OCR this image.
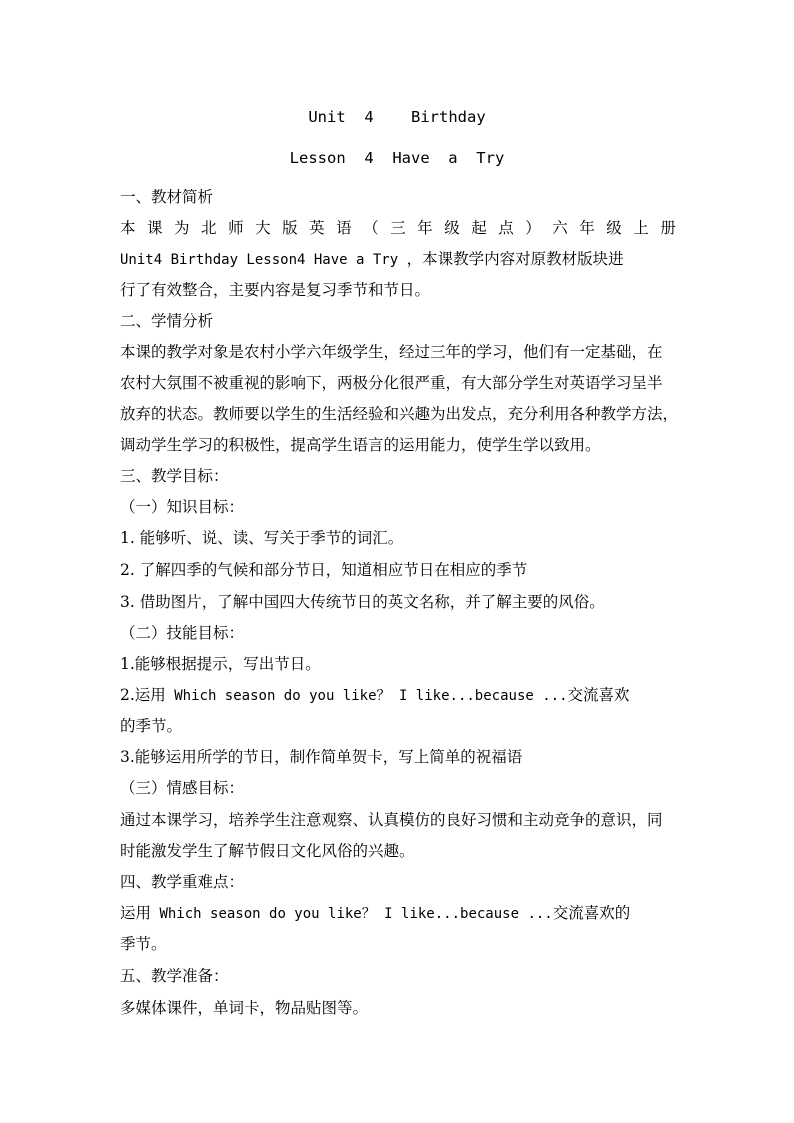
Unit  4    Birthday
Lesson  4  Have  a  Try
一、教材简析
本 课 为 北 师 大 版 英 语 （ 三 年 级 起 点 ） 六 年 级 上 册
Unit4 Birthday Lesson4 Have a Try ，本课教学内容对原教材版块进
行了有效整合，主要内容是复习季节和节日。
二、学情分析
本课的教学对象是农村小学六年级学生，经过三年的学习，他们有一定基础，在
农村大氛围不被重视的影响下，两极分化很严重，有大部分学生对英语学习呈半
放弃的状态。教师要以学生的生活经验和兴趣为出发点，充分利用各种教学方法，
调动学生学习的积极性，提高学生语言的运用能力，使学生学以致用。
三、教学目标：
（一）知识目标：
1. 能够听、说、读、写关于季节的词汇。
2. 了解四季的气候和部分节日，知道相应节日在相应的季节
3. 借助图片，了解中国四大传统节日的英文名称，并了解主要的风俗。
（二）技能目标：
1.能够根据提示，写出节日。
2.运用 Which season do you like？ I like...because ...交流喜欢
的季节。
3.能够运用所学的节日，制作简单贺卡，写上简单的祝福语
（三）情感目标：
通过本课学习，培养学生注意观察、认真模仿的良好习惯和主动竞争的意识，同
时能激发学生了解节假日文化风俗的兴趣。
四、教学重难点：
运用 Which season do you like？ I like...because ...交流喜欢的
季节。
五、教学准备：
多媒体课件，单词卡，物品贴图等。
